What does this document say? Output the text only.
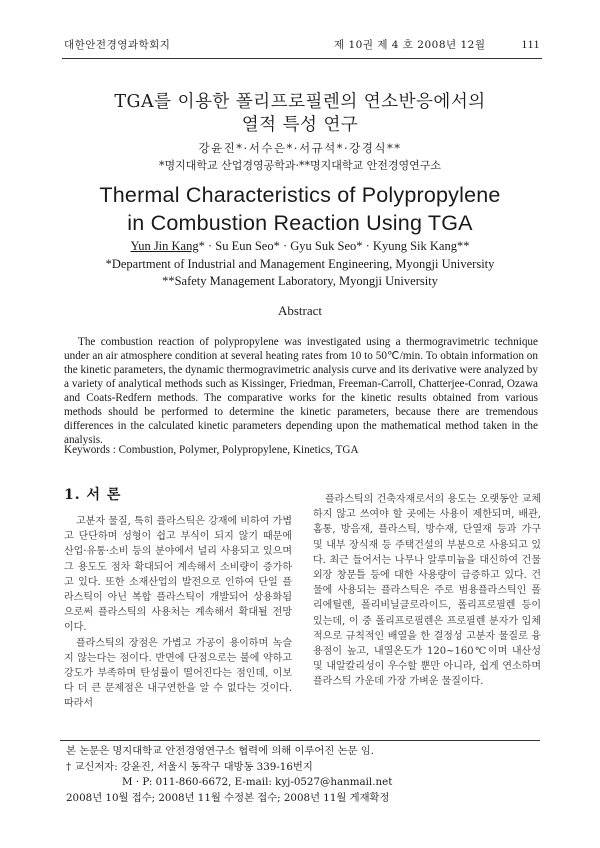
대한안전경영과학회지	제 10권 제 4 호 2008년 12월	111
TGA를 이용한 폴리프로필렌의 연소반응에서의
열적 특성 연구
강윤진*·서수은*·서규석*·강경식**
*명지대학교 산업경영공학과·**명지대학교 안전경영연구소
Thermal Characteristics of Polypropylene
in Combustion Reaction Using TGA
Yun Jin Kang* · Su Eun Seo* · Gyu Suk Seo* · Kyung Sik Kang**
*Department of Industrial and Management Engineering, Myongji University
**Safety Management Laboratory, Myongji University
Abstract

The combustion reaction of polypropylene was investigated using a thermogravimetric technique under an air atmosphere condition at several heating rates from 10 to 50℃/min. To obtain information on the kinetic parameters, the dynamic thermogravimetric analysis curve and its derivative were analyzed by a variety of analytical methods such as Kissinger, Friedman, Freeman-Carroll, Chatterjee-Conrad, Ozawa and Coats-Redfern methods. The comparative works for the kinetic results obtained from various methods should be performed to determine the kinetic parameters, because there are tremendous differences in the calculated kinetic parameters depending upon the mathematical method taken in the analysis.

Keywords : Combustion, Polymer, Polypropylene, Kinetics, TGA
1. 서 론

고분자 물질, 특히 플라스틱은 강재에 비하여 가볍고 단단하며 성형이 쉽고 부식이 되지 않기 때문에 산업·유통·소비 등의 분야에서 널리 사용되고 있으며 그 용도도 점차 확대되어 계속해서 소비량이 증가하고 있다. 또한 소재산업의 발전으로 인하여 단일 플라스틱이 아닌 복합 플라스틱이 개발되어 상용화됨으로써 플라스틱의 사용처는 계속해서 확대될 전망이다.

플라스틱의 장점은 가볍고 가공이 용이하며 녹슬지 않는다는 점이다. 반면에 단점으로는 불에 약하고 강도가 부족하며 탄성률이 떨어진다는 점인데, 이보다 더 큰 문제점은 내구연한을 알 수 없다는 것이다. 따라서

플라스틱의 건축자재로서의 용도는 오랫동안 교체하지 않고 쓰여야 할 곳에는 사용이 제한되며, 배관, 홈통, 방음재, 플라스틱, 방수재, 단열재 등과 가구 및 내부 장식재 등 주택건설의 부분으로 사용되고 있다. 최근 들어서는 나무나 알루미늄을 대신하여 건물외장 창문틀 등에 대한 사용량이 급증하고 있다. 건물에 사용되는 플라스틱은 주로 범용플라스틱인 폴리에틸렌, 폴리비닐클로라이드, 폴리프로필렌 등이 있는데, 이 중 폴리프로필렌은 프로필렌 분자가 입체적으로 규칙적인 배열을 한 결정성 고분자 물질로 융용점이 높고, 내열온도가 120~160℃이며 내산성 및 내알칼리성이 우수할 뿐만 아니라, 쉽게 연소하며 플라스틱 가운데 가장 가벼운 물질이다.

본 논문은 명지대학교 안전경영연구소 협력에 의해 이루어진 논문 임.
† 교신저자: 강윤진, 서울시 동작구 대방동 339-16번지
M · P: 011-860-6672, E-mail: kyj-0527@hanmail.net
2008년 10월 접수; 2008년 11월 수정본 접수; 2008년 11월 게재확정
